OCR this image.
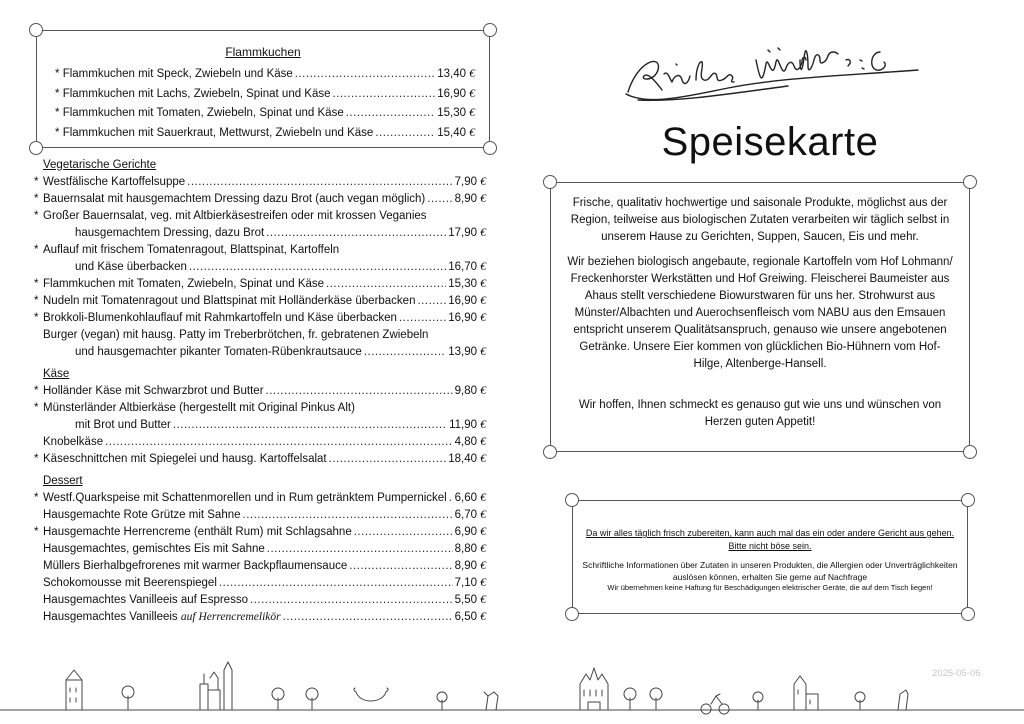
Flammkuchen
* Flammkuchen mit Speck, Zwiebeln und Käse .....	13,40 €
* Flammkuchen mit Lachs, Zwiebeln, Spinat und Käse .....	16,90 €
* Flammkuchen mit Tomaten, Zwiebeln, Spinat und Käse .....	15,30 €
* Flammkuchen mit Sauerkraut, Mettwurst, Zwiebeln und Käse .....	15,40 €
Vegetarische Gerichte
* Westfälische Kartoffelsuppe .....	7,90 €
* Bauernsalat mit hausgemachtem Dressing dazu Brot (auch vegan möglich) .....	8,90 €
* Großer Bauernsalat, veg. mit Altbierkäsestreifen oder mit krossen Veganies
hausgemachtem Dressing, dazu Brot .....	17,90 €
* Auflauf mit frischem Tomatenragout, Blattspinat, Kartoffeln
und Käse überbacken .....	16,70 €
* Flammkuchen mit Tomaten, Zwiebeln, Spinat und Käse .....	15,30 €
* Nudeln mit Tomatenragout und Blattspinat mit Holländerkäse überbacken .....	16,90 €
* Brokkoli-Blumenkohlauflauf mit Rahmkartoffeln und Käse überbacken .....	16,90 €
Burger (vegan) mit hausg. Patty im Treberbrötchen, fr. gebratenen Zwiebeln
und hausgemachter pikanter Tomaten-Rübenkrautsauce .....	13,90 €
Käse
* Holländer Käse mit Schwarzbrot und Butter .....	9,80 €
* Münsterländer Altbierkäse (hergestellt mit Original Pinkus Alt)
mit Brot und Butter .....	11,90 €
Knobelkäse .....	4,80 €
* Käseschnittchen mit Spiegelei und hausg. Kartoffelsalat .....	18,40 €
Dessert
* Westf.Quarkspeise mit Schattenmorellen und in Rum getränktem Pumpernickel ..... 6,60 €
Hausgemachte Rote Grütze mit Sahne .....	6,70 €
* Hausgemachte Herrencreme (enthält Rum) mit Schlagsahne .....	6,90 €
Hausgemachtes, gemischtes Eis mit Sahne .....	8,80 €
Müllers Bierhalbgefrorenes mit warmer Backpflaumensauce .....	8,90 €
Schokomousse mit Beerenspiegel .....	7,10 €
Hausgemachtes Vanilleeis auf Espresso .....	5,50 €
Hausgemachtes Vanilleeis auf Herrencremelikör .....	6,50 €
Speisekarte
Frische, qualitativ hochwertige und saisonale Produkte, möglichst aus der Region, teilweise aus biologischen Zutaten verarbeiten wir täglich selbst in unserem Hause zu Gerichten, Suppen, Saucen, Eis und mehr.
Wir beziehen biologisch angebaute, regionale Kartoffeln vom Hof Lohmann/ Freckenhorster Werkstätten und Hof Greiwing. Fleischerei Baumeister aus Ahaus stellt verschiedene Biowurstwaren für uns her. Strohwurst aus Münster/Albachten und Auerochsenfleisch vom NABU aus den Emsauen entspricht unserem Qualitätsanspruch, genauso wie unsere angebotenen Getränke. Unsere Eier kommen von glücklichen Bio-Hühnern vom Hof-Hilge, Altenberge-Hansell.
Wir hoffen, Ihnen schmeckt es genauso gut wie uns und wünschen von Herzen guten Appetit!
Da wir alles täglich frisch zubereiten, kann auch mal das ein oder andere Gericht aus gehen. Bitte nicht böse sein.
Schriftliche Informationen über Zutaten in unseren Produkten, die Allergien oder Unverträglichkeiten auslösen können, erhalten Sie gerne auf Nachfrage
Wir übernehmen keine Haftung für Beschädigungen elektrischer Geräte, die auf dem Tisch liegen!
2025-05-06
